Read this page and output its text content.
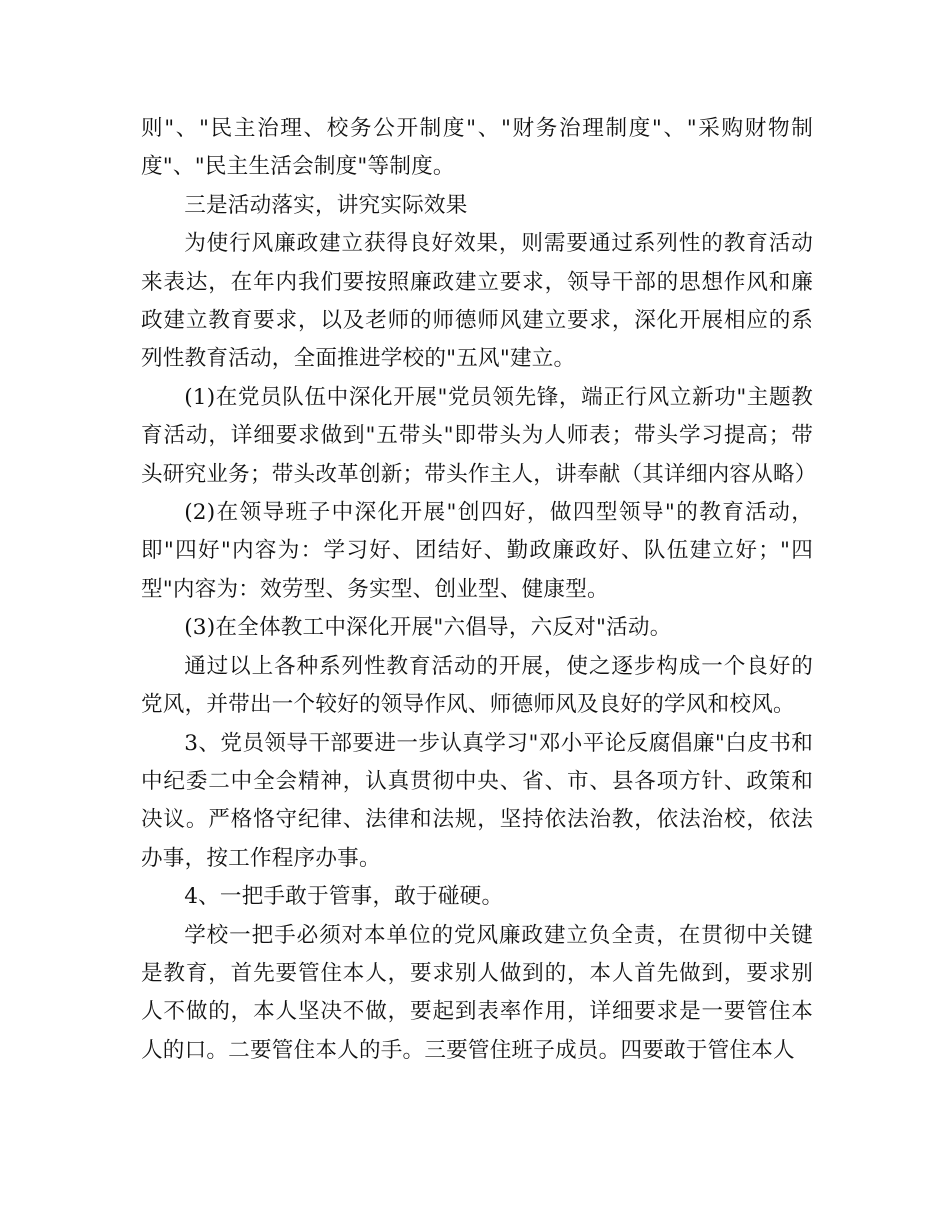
则"、"民主治理、校务公开制度"、"财务治理制度"、"采购财物制度"、"民主生活会制度"等制度。

三是活动落实，讲究实际效果

为使行风廉政建立获得良好效果，则需要通过系列性的教育活动来表达，在年内我们要按照廉政建立要求，领导干部的思想作风和廉政建立教育要求，以及老师的师德师风建立要求，深化开展相应的系列性教育活动，全面推进学校的"五风"建立。

(1)在党员队伍中深化开展"党员领先锋，端正行风立新功"主题教育活动，详细要求做到"五带头"即带头为人师表；带头学习提高；带头研究业务；带头改革创新；带头作主人，讲奉献（其详细内容从略）

(2)在领导班子中深化开展"创四好，做四型领导"的教育活动，即"四好"内容为：学习好、团结好、勤政廉政好、队伍建立好；"四型"内容为：效劳型、务实型、创业型、健康型。

(3)在全体教工中深化开展"六倡导，六反对"活动。

通过以上各种系列性教育活动的开展，使之逐步构成一个良好的党风，并带出一个较好的领导作风、师德师风及良好的学风和校风。

3、党员领导干部要进一步认真学习"邓小平论反腐倡廉"白皮书和中纪委二中全会精神，认真贯彻中央、省、市、县各项方针、政策和决议。严格恪守纪律、法律和法规，坚持依法治教，依法治校，依法办事，按工作程序办事。

4、一把手敢于管事，敢于碰硬。

学校一把手必须对本单位的党风廉政建立负全责，在贯彻中关键是教育，首先要管住本人，要求别人做到的，本人首先做到，要求别人不做的，本人坚决不做，要起到表率作用，详细要求是一要管住本人的口。二要管住本人的手。三要管住班子成员。四要敢于管住本人
